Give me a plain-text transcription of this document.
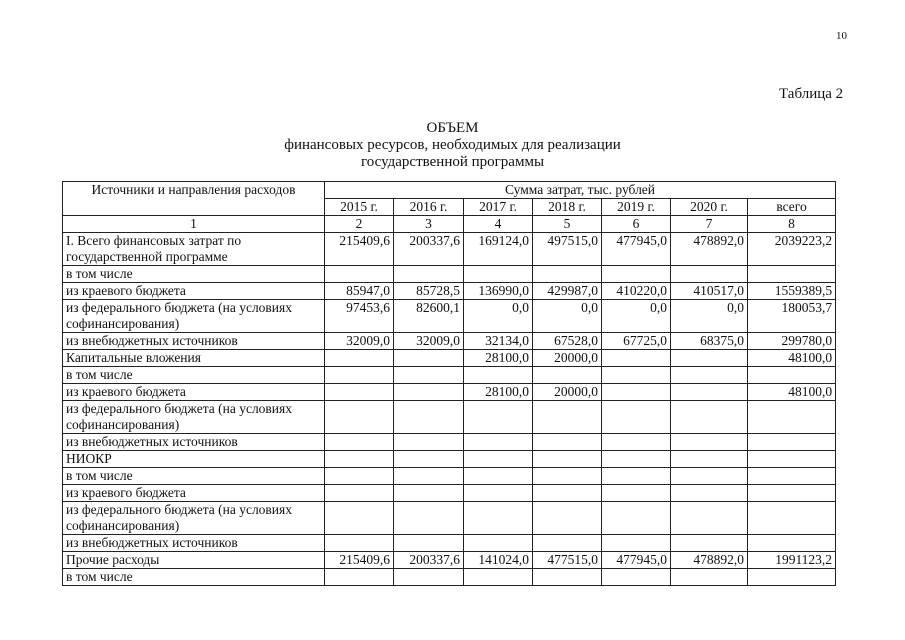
10
Таблица 2
ОБЪЕМ
финансовых ресурсов, необходимых для реализации
государственной программы
Источники и направления расходов	Сумма затрат, тыс. рублей						
	2015 г.	2016 г.	2017 г.	2018 г.	2019 г.	2020 г.	всего
1	2	3	4	5	6	7	8
I. Всего финансовых затрат по государственной программе	215409,6	200337,6	169124,0	497515,0	477945,0	478892,0	2039223,2
в том числе							
из краевого бюджета	85947,0	85728,5	136990,0	429987,0	410220,0	410517,0	1559389,5
из федерального бюджета (на условиях софинансирования)	97453,6	82600,1	0,0	0,0	0,0	0,0	180053,7
из внебюджетных источников	32009,0	32009,0	32134,0	67528,0	67725,0	68375,0	299780,0
Капитальные вложения			28100,0	20000,0			48100,0
в том числе							
из краевого бюджета			28100,0	20000,0			48100,0
из федерального бюджета (на условиях софинансирования)							
из внебюджетных источников							
НИОКР							
в том числе							
из краевого бюджета							
из федерального бюджета (на условиях софинансирования)							
из внебюджетных источников							
Прочие расходы	215409,6	200337,6	141024,0	477515,0	477945,0	478892,0	1991123,2
в том числе							
